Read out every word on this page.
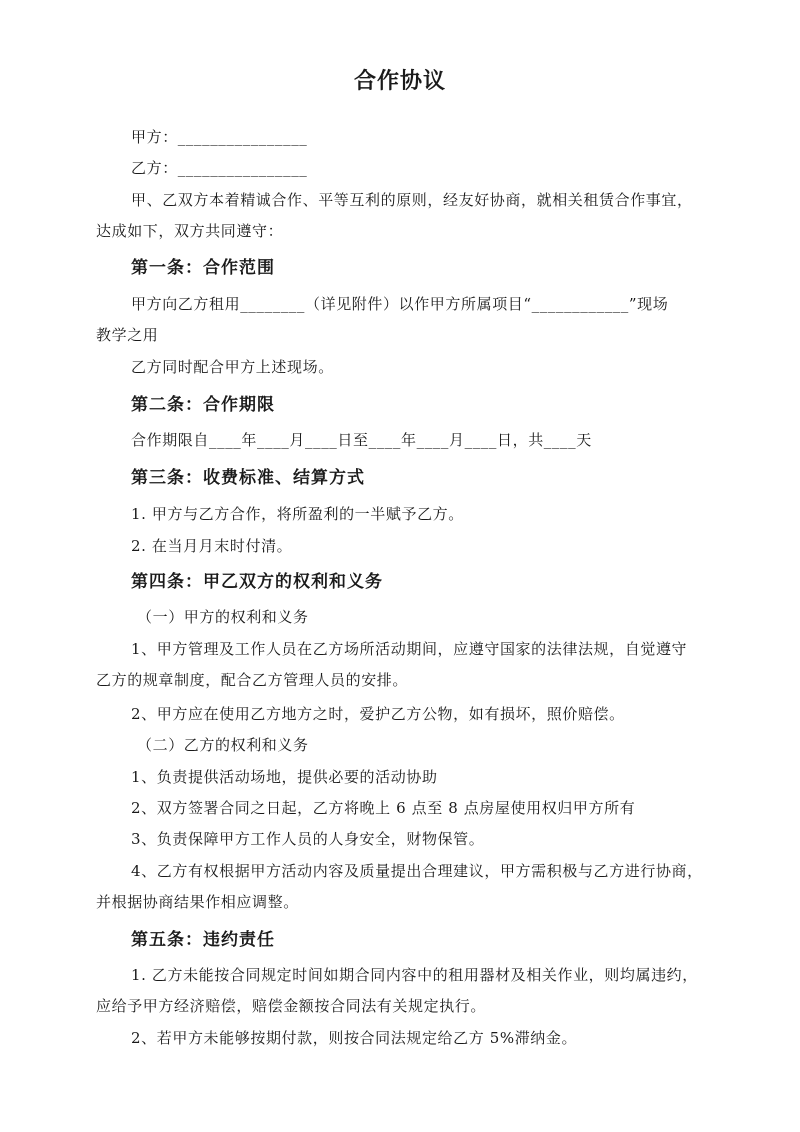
合作协议
甲方：________________
乙方：________________
甲、乙双方本着精诚合作、平等互利的原则，经友好协商，就相关租赁合作事宜，
达成如下，双方共同遵守：
第一条：合作范围
甲方向乙方租用________（详见附件）以作甲方所属项目“____________”现场
教学之用
乙方同时配合甲方上述现场。
第二条：合作期限
合作期限自____年____月____日至____年____月____日，共____天
第三条：收费标准、结算方式
1. 甲方与乙方合作，将所盈利的一半赋予乙方。
2. 在当月月末时付清。
第四条：甲乙双方的权利和义务
（一）甲方的权利和义务
1、甲方管理及工作人员在乙方场所活动期间，应遵守国家的法律法规，自觉遵守
乙方的规章制度，配合乙方管理人员的安排。
2、甲方应在使用乙方地方之时，爱护乙方公物，如有损坏，照价赔偿。
（二）乙方的权利和义务
1、负责提供活动场地，提供必要的活动协助
2、双方签署合同之日起，乙方将晚上 6 点至 8 点房屋使用权归甲方所有
3、负责保障甲方工作人员的人身安全，财物保管。
4、乙方有权根据甲方活动内容及质量提出合理建议，甲方需积极与乙方进行协商，
并根据协商结果作相应调整。
第五条：违约责任
1. 乙方未能按合同规定时间如期合同内容中的租用器材及相关作业，则均属违约，
应给予甲方经济赔偿，赔偿金额按合同法有关规定执行。
2、若甲方未能够按期付款，则按合同法规定给乙方 5%滞纳金。
